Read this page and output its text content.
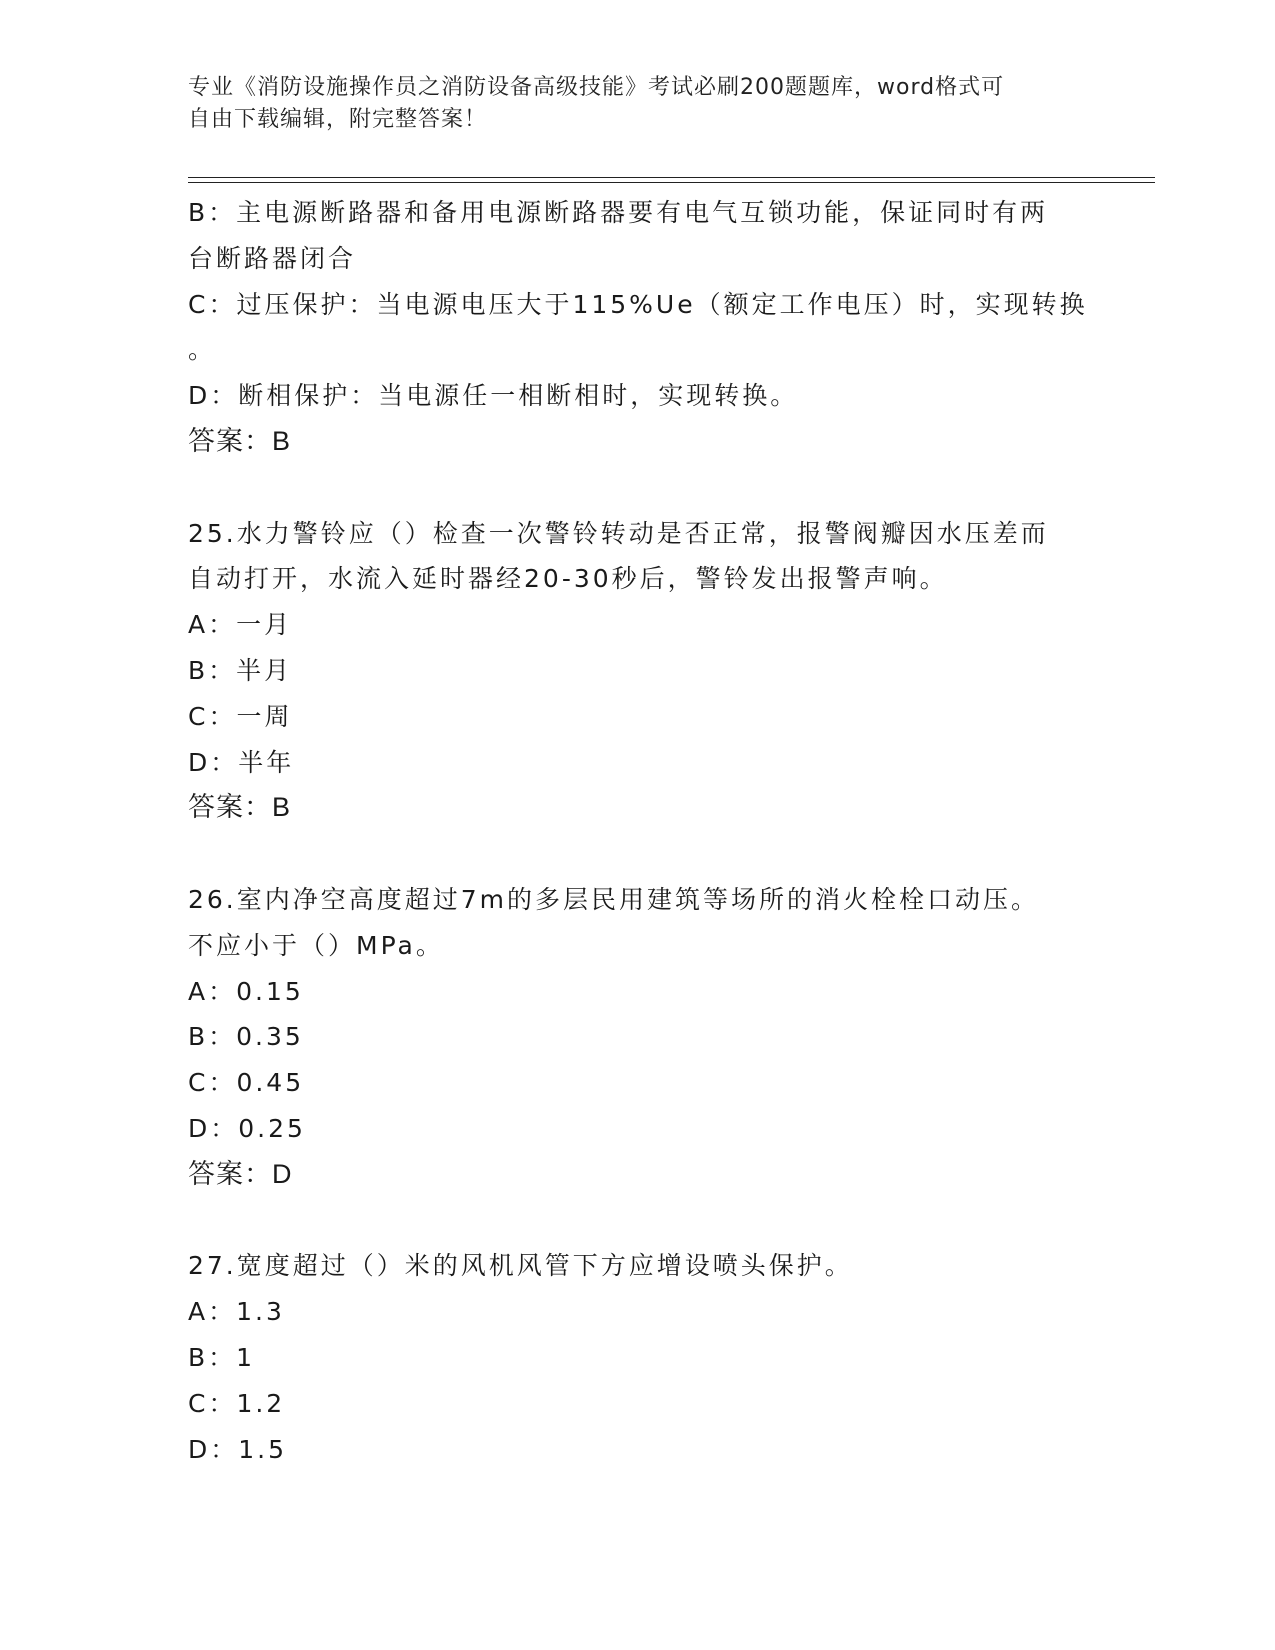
专业《消防设施操作员之消防设备高级技能》考试必刷200题题库，word格式可
自由下载编辑，附完整答案！
B：主电源断路器和备用电源断路器要有电气互锁功能，保证同时有两
台断路器闭合
C：过压保护：当电源电压大于115%Ue（额定工作电压）时，实现转换
。
D：断相保护：当电源任一相断相时，实现转换。
答案：B
25.水力警铃应（）检查一次警铃转动是否正常，报警阀瓣因水压差而
自动打开，水流入延时器经20-30秒后，警铃发出报警声响。
A：一月
B：半月
C：一周
D：半年
答案：B
26.室内净空高度超过7m的多层民用建筑等场所的消火栓栓口动压。
不应小于（）MPa。
A：0.15
B：0.35
C：0.45
D：0.25
答案：D
27.宽度超过（）米的风机风管下方应增设喷头保护。
A：1.3
B：1
C：1.2
D：1.5
